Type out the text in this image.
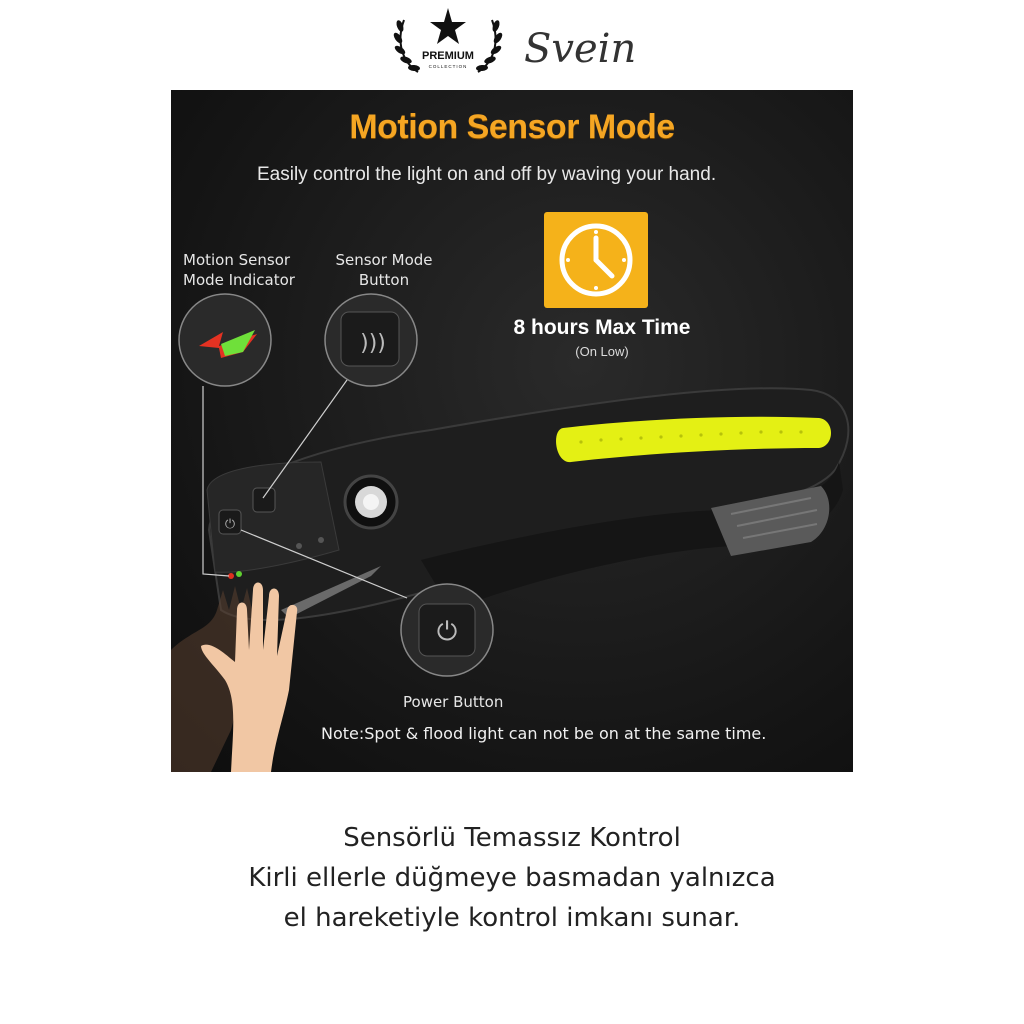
PREMIUM
COLLECTION Svein
⏻
)))
⏻
Motion Sensor Mode
Easily control the light on and off by waving your hand.
Motion Sensor Mode Indicator
Sensor Mode Button
8 hours Max Time
(On Low)
Power Button
Note:Spot & flood light can not be on at the same time.
Sensörlü Temassız Kontrol
Kirli ellerle düğmeye basmadan yalnızca
el hareketiyle kontrol imkanı sunar.
